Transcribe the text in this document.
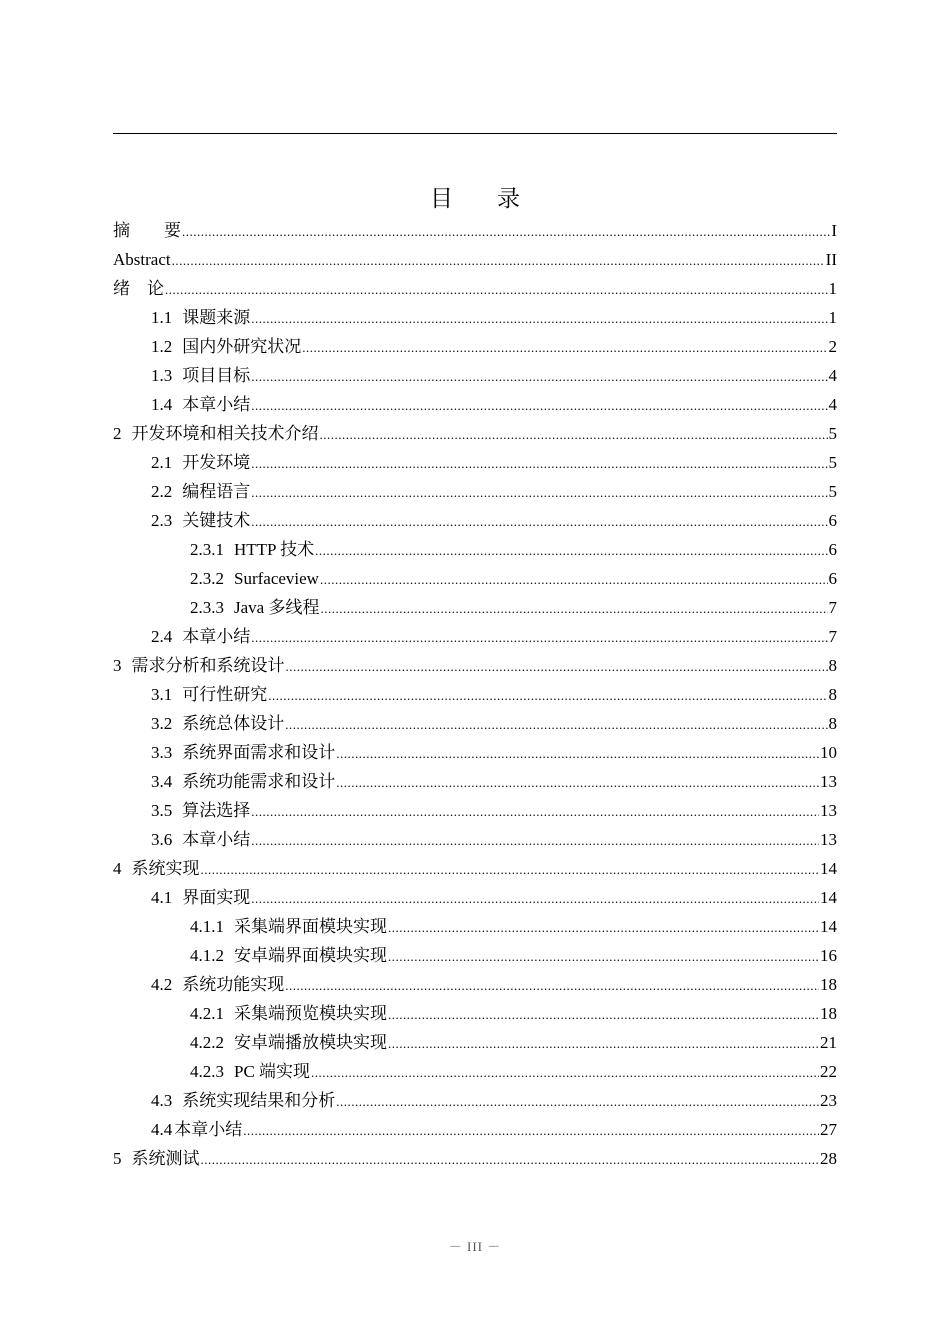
目 录
摘　　要 .....	I
Abstract .....	II
绪　论 .....	1
1.1 课题来源 .....	1
1.2 国内外研究状况 .....	2
1.3 项目目标 .....	4
1.4 本章小结 .....	4
2 开发环境和相关技术介绍 .....	5
2.1 开发环境 .....	5
2.2 编程语言 .....	5
2.3 关键技术 .....	6
2.3.1 HTTP 技术 .....	6
2.3.2 Surfaceview .....	6
2.3.3 Java 多线程 .....	7
2.4 本章小结 .....	7
3 需求分析和系统设计 .....	8
3.1 可行性研究 .....	8
3.2 系统总体设计 .....	8
3.3 系统界面需求和设计 .....	10
3.4 系统功能需求和设计 .....	13
3.5 算法选择 .....	13
3.6 本章小结 .....	13
4 系统实现 .....	14
4.1 界面实现 .....	14
4.1.1 采集端界面模块实现 .....	14
4.1.2 安卓端界面模块实现 .....	16
4.2 系统功能实现 .....	18
4.2.1 采集端预览模块实现 .....	18
4.2.2 安卓端播放模块实现 .....	21
4.2.3 PC 端实现 .....	22
4.3 系统实现结果和分析 .....	23
4.4 本章小结 .....	27
5 系统测试 .....	28
－ III －
